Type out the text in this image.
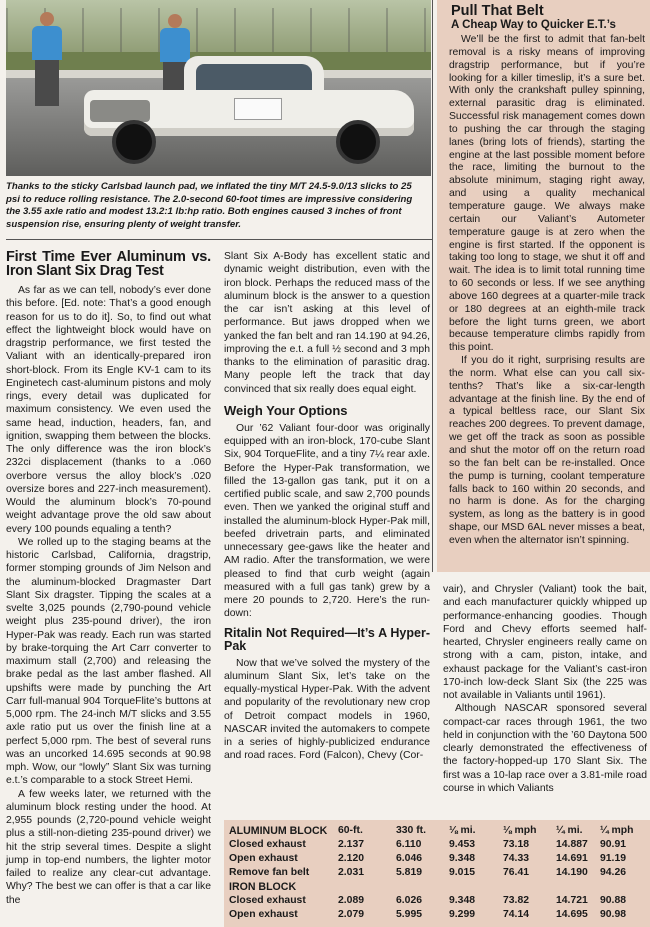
Thanks to the sticky Carlsbad launch pad, we inflated the tiny M/T 24.5-9.0/13 slicks to 25 psi to reduce rolling resistance. The 2.0-second 60-foot times are impressive considering the 3.55 axle ratio and modest 13.2:1 lb:hp ratio. Both engines caused 3 inches of front suspension rise, ensuring plenty of weight transfer.
Pull That Belt
A Cheap Way to Quicker E.T.’s

We’ll be the first to admit that fan-belt removal is a risky means of improving dragstrip performance, but if you’re looking for a killer timeslip, it’s a sure bet. With only the crankshaft pulley spinning, external parasitic drag is eliminated. Successful risk management comes down to pushing the car through the staging lanes (bring lots of friends), starting the engine at the last possible moment before the race, limiting the burnout to the absolute minimum, staging right away, and using a quality mechanical temperature gauge. We always make certain our Valiant’s Autometer temperature gauge is at zero when the engine is first started. If the opponent is taking too long to stage, we shut it off and wait. The idea is to limit total running time to 60 seconds or less. If we see anything above 160 degrees at a quarter-mile track or 180 degrees at an eighth-mile track before the light turns green, we abort because temperature climbs rapidly from this point.

If you do it right, surprising results are the norm. What else can you call six-tenths? That’s like a six-car-length advantage at the finish line. By the end of a typical beltless race, our Slant Six reaches 200 degrees. To prevent damage, we get off the track as soon as possible and shut the motor off on the return road so the fan belt can be re-installed. Once the pump is turning, coolant temperature falls back to 160 within 20 seconds, and no harm is done. As for the charging system, as long as the battery is in good shape, our MSD 6AL never misses a beat, even when the alternator isn’t spinning.

First Time Ever Aluminum vs. Iron Slant Six Drag Test

As far as we can tell, nobody’s ever done this before. [Ed. note: That’s a good enough reason for us to do it]. So, to find out what effect the lightweight block would have on dragstrip performance, we first tested the Valiant with an identically-prepared iron short-block. From its Engle KV-1 cam to its Enginetech cast-aluminum pistons and moly rings, every detail was duplicated for maximum consistency. We even used the same head, induction, headers, fan, and ignition, swapping them between the blocks. The only difference was the iron block’s 232ci displacement (thanks to a .060 overbore versus the alloy block’s .020 oversize bores and 227-inch measurement). Would the aluminum block’s 70-pound weight advantage prove the old saw about every 100 pounds equaling a tenth?

We rolled up to the staging beams at the historic Carlsbad, California, dragstrip, former stomping grounds of Jim Nelson and the aluminum-blocked Dragmaster Dart Slant Six dragster. Tipping the scales at a svelte 3,025 pounds (2,790-pound vehicle weight plus 235-pound driver), the iron Hyper-Pak was ready. Each run was started by brake-torquing the Art Carr converter to maximum stall (2,700) and releasing the brake pedal as the last amber flashed. All upshifts were made by punching the Art Carr full-manual 904 TorqueFlite’s buttons at 5,000 rpm. The 24-inch M/T slicks and 3.55 axle ratio put us over the finish line at a perfect 5,000 rpm. The best of several runs was an uncorked 14.695 seconds at 90.98 mph. Wow, our “lowly” Slant Six was turning e.t.’s comparable to a stock Street Hemi.

A few weeks later, we returned with the aluminum block resting under the hood. At 2,955 pounds (2,720-pound vehicle weight plus a still-non-dieting 235-pound driver) we hit the strip several times. Despite a slight jump in top-end numbers, the lighter motor failed to realize any clear-cut advantage. Why? The best we can offer is that a car like the

Slant Six A-Body has excellent static and dynamic weight distribution, even with the iron block. Perhaps the reduced mass of the aluminum block is the answer to a question the car isn’t asking at this level of performance. But jaws dropped when we yanked the fan belt and ran 14.190 at 94.26, improving the e.t. a full ½ second and 3 mph thanks to the elimination of parasitic drag. Many people left the track that day convinced that six really does equal eight.

Weigh Your Options

Our ’62 Valiant four-door was originally equipped with an iron-block, 170-cube Slant Six, 904 TorqueFlite, and a tiny 7¼ rear axle. Before the Hyper-Pak transformation, we filled the 13-gallon gas tank, put it on a certified public scale, and saw 2,700 pounds even. Then we yanked the original stuff and installed the aluminum-block Hyper-Pak mill, beefed drivetrain parts, and eliminated unnecessary gee-gaws like the heater and AM radio. After the transformation, we were pleased to find that curb weight (again measured with a full gas tank) grew by a mere 20 pounds to 2,720. Here’s the run-down:

Ritalin Not Required—It’s A Hyper-Pak

Now that we’ve solved the mystery of the aluminum Slant Six, let’s take on the equally-mystical Hyper-Pak. With the advent and popularity of the revolutionary new crop of Detroit compact models in 1960, NASCAR invited the automakers to compete in a series of highly-publicized endurance and road races. Ford (Falcon), Chevy (Cor-

vair), and Chrysler (Valiant) took the bait, and each manufacturer quickly whipped up performance-enhancing goodies. Though Ford and Chevy efforts seemed half-hearted, Chrysler engineers really came on strong with a cam, piston, intake, and exhaust package for the Valiant’s cast-iron 170-inch low-deck Slant Six (the 225 was not available in Valiants until 1961).

Although NASCAR sponsored several compact-car races through 1961, the two held in conjunction with the ’60 Daytona 500 clearly demonstrated the effectiveness of the factory-hopped-up 170 Slant Six. The first was a 10-lap race over a 3.81-mile road course in which Valiants

ALUMINUM BLOCK 60-ft.	330 ft. ⅛ mi.	⅛ mph ¼ mi. ¼ mph
Closed exhaust	2.137	6.110	9.453	73.18	14.887 90.91
Open exhaust	2.120	6.046	9.348	74.33	14.691 91.19
Remove fan belt	2.031	5.819	9.015	76.41	14.190 94.26
IRON BLOCK
Closed exhaust	2.089	6.026	9.348	73.82	14.721 90.88
Open exhaust	2.079	5.995	9.299	74.14	14.695 90.98
